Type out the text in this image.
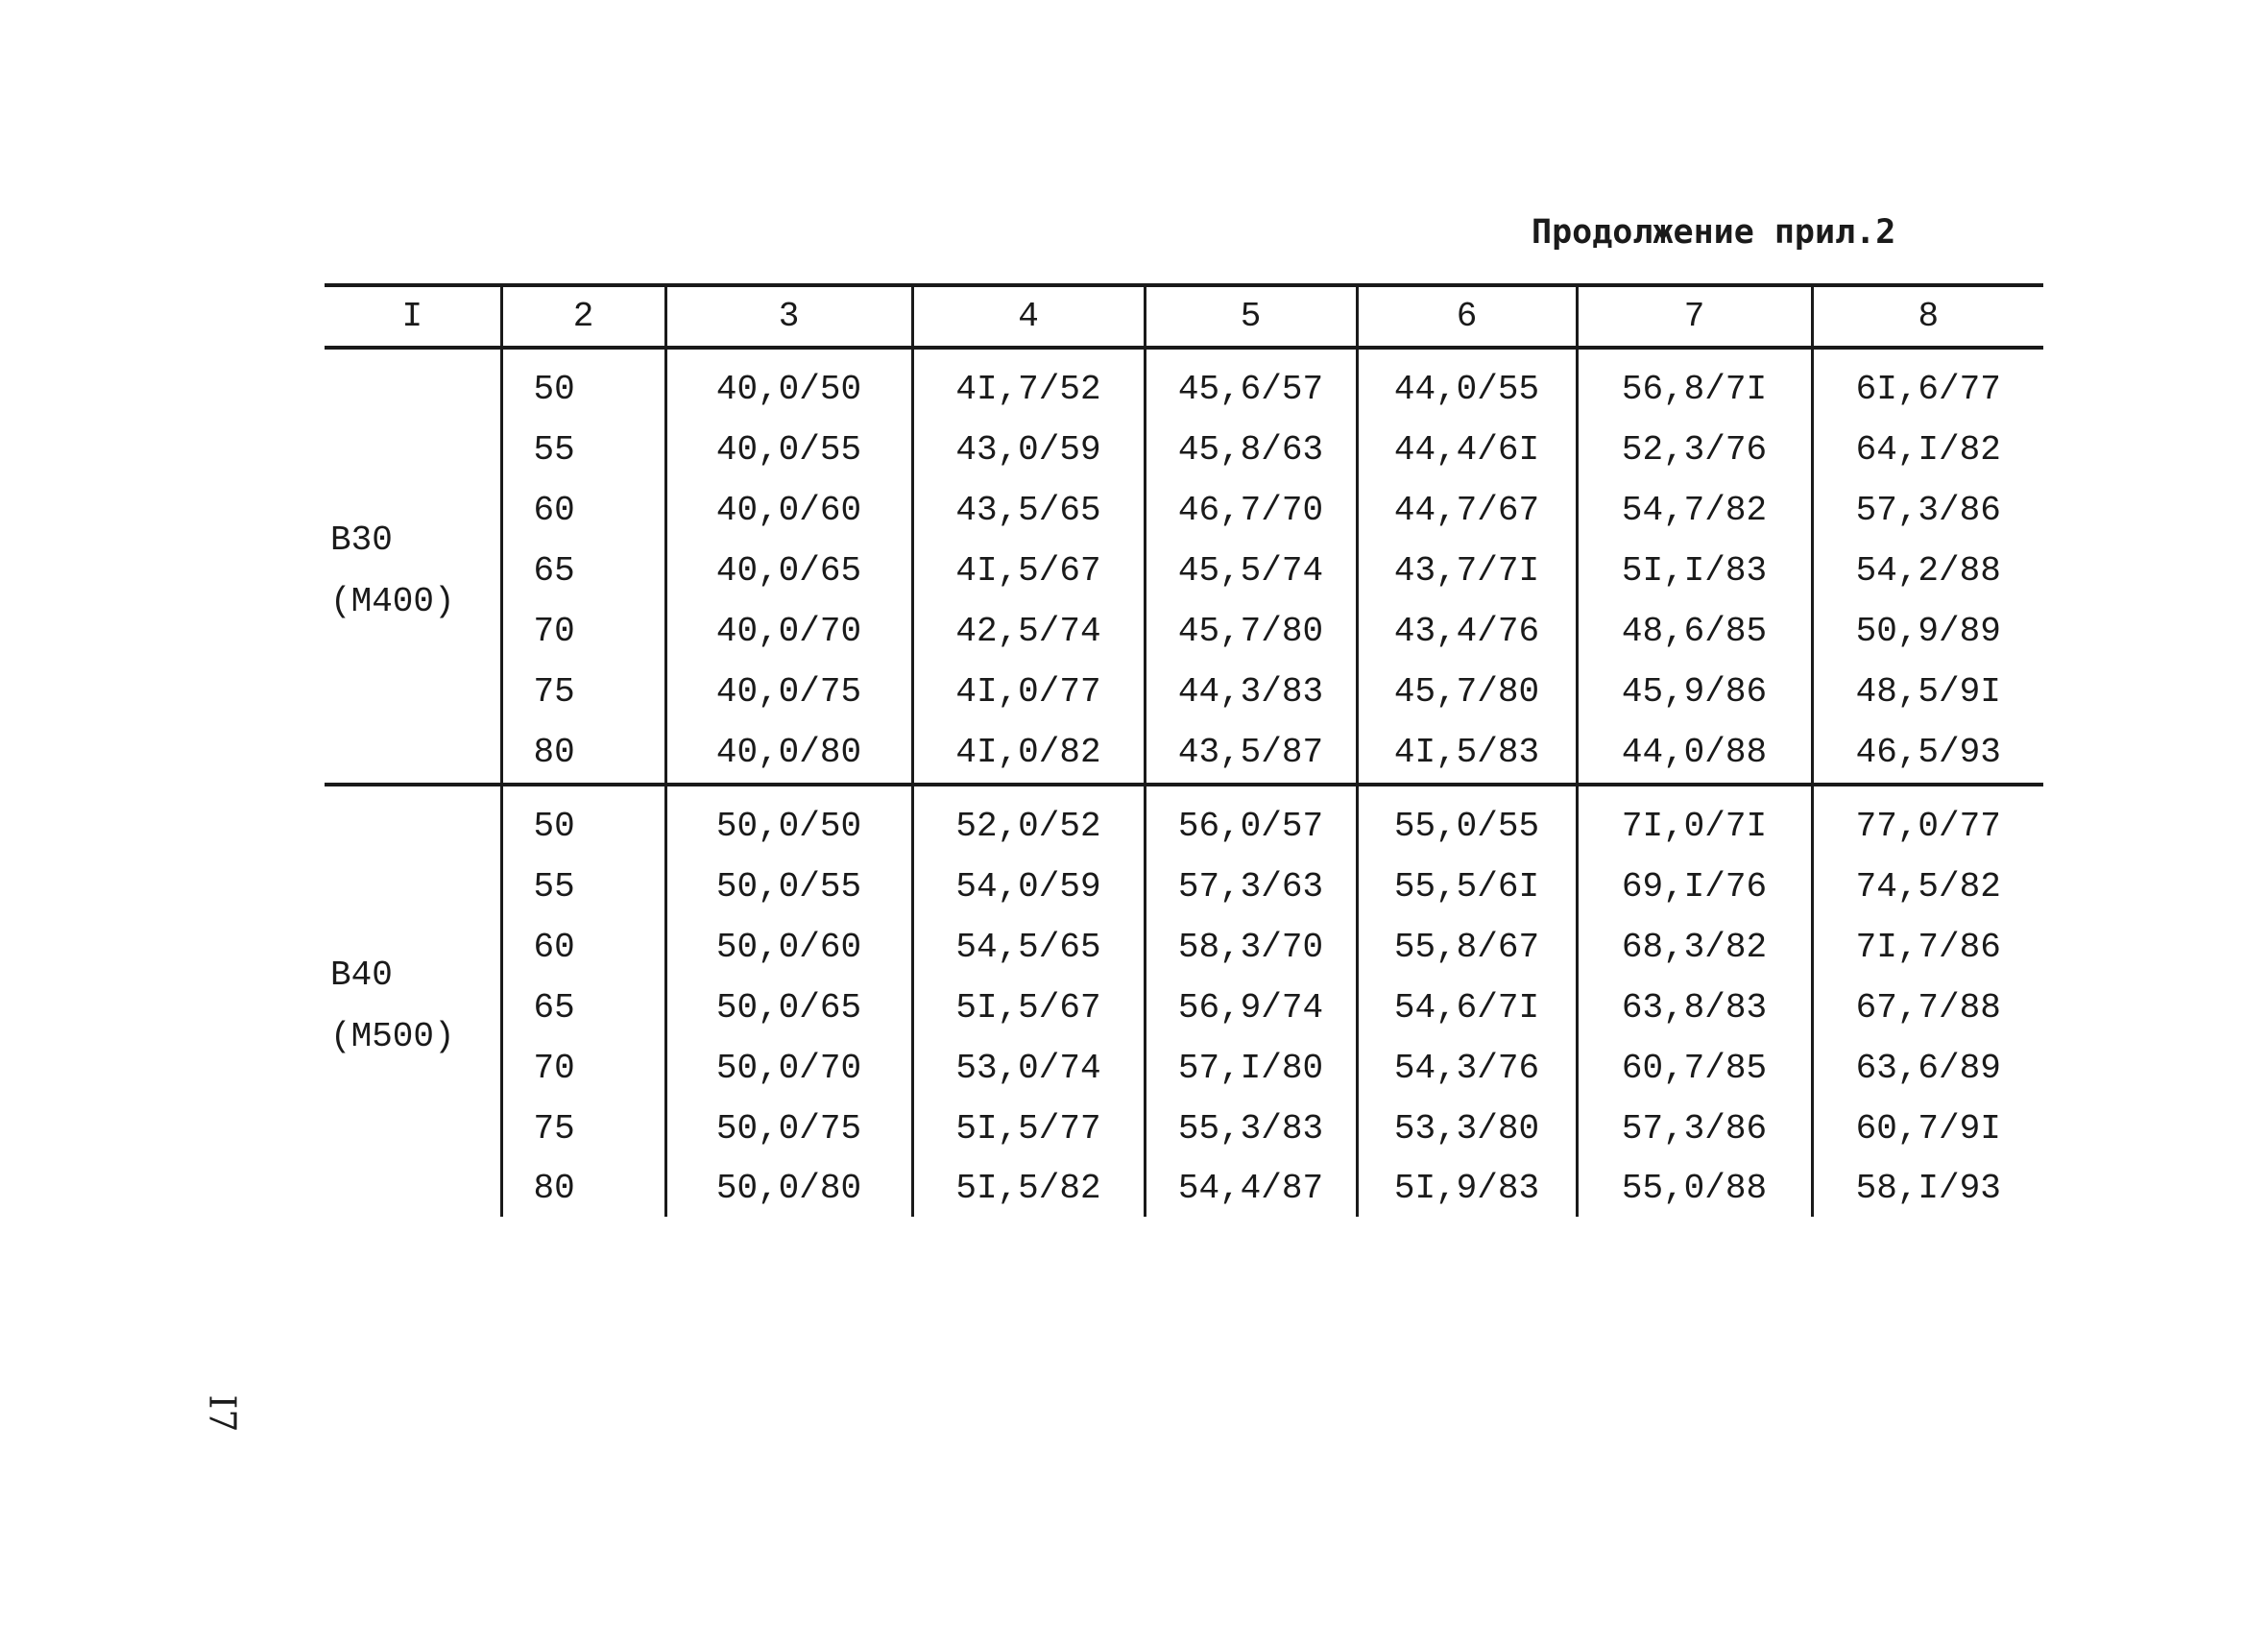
Продолжение прил.2
I	2	3	4	5	6	7	8

B30
(M400)	50	40,0/50	4I,7/52	45,6/57	44,0/55	56,8/7I	6I,6/77
	55	40,0/55	43,0/59	45,8/63	44,4/6I	52,3/76	64,I/82
	60	40,0/60	43,5/65	46,7/70	44,7/67	54,7/82	57,3/86
	65	40,0/65	4I,5/67	45,5/74	43,7/7I	5I,I/83	54,2/88
	70	40,0/70	42,5/74	45,7/80	43,4/76	48,6/85	50,9/89
	75	40,0/75	4I,0/77	44,3/83	45,7/80	45,9/86	48,5/9I
	80	40,0/80	4I,0/82	43,5/87	4I,5/83	44,0/88	46,5/93

B40
(M500)	50	50,0/50	52,0/52	56,0/57	55,0/55	7I,0/7I	77,0/77
	55	50,0/55	54,0/59	57,3/63	55,5/6I	69,I/76	74,5/82
	60	50,0/60	54,5/65	58,3/70	55,8/67	68,3/82	7I,7/86
	65	50,0/65	5I,5/67	56,9/74	54,6/7I	63,8/83	67,7/88
	70	50,0/70	53,0/74	57,I/80	54,3/76	60,7/85	63,6/89
	75	50,0/75	5I,5/77	55,3/83	53,3/80	57,3/86	60,7/9I
	80	50,0/80	5I,5/82	54,4/87	5I,9/83	55,0/88	58,I/93
I7
